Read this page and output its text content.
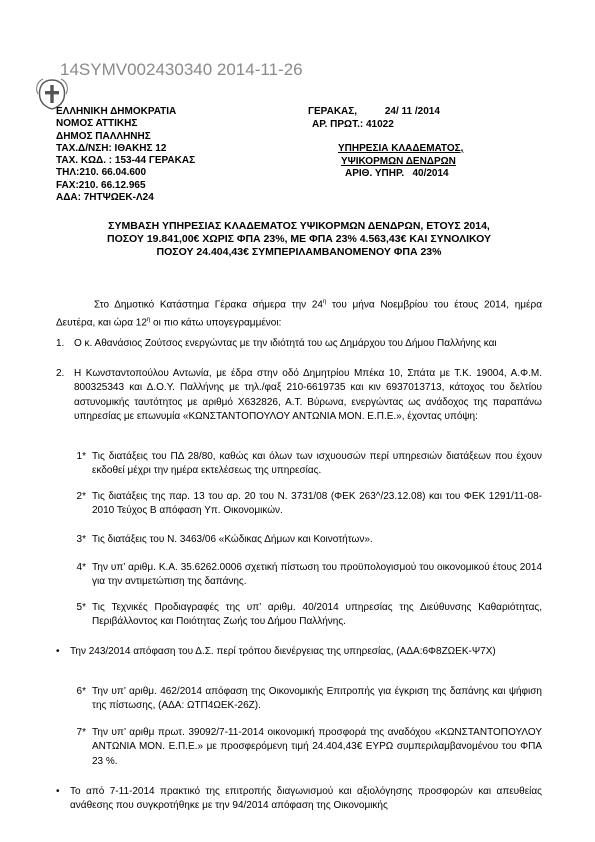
14SYMV002430340 2014-11-26
ΕΛΛΗΝΙΚΗ ΔΗΜΟΚΡΑΤΙΑ
ΝΟΜΟΣ ΑΤΤΙΚΗΣ
ΔΗΜΟΣ ΠΑΛΛΗΝΗΣ
ΤΑΧ.Δ/ΝΣΗ: ΙΘΑΚΗΣ 12
ΤΑΧ. ΚΩΔ. : 153-44 ΓΕΡΑΚΑΣ
ΤΗΛ:210. 66.04.600
FAX:210. 66.12.965
ΑΔΑ: 7ΗΤΨΩΕΚ-Λ24
ΓΕΡΑΚΑΣ,          24/ 11 /2014
ΑΡ. ΠΡΩΤ.: 41022
ΥΠΗΡΕΣΙΑ ΚΛΑΔΕΜΑΤΟΣ,
ΥΨΙΚΟΡΜΩΝ ΔΕΝΔΡΩΝ
ΑΡΙΘ. ΥΠΗΡ.   40/2014
ΣΥΜΒΑΣΗ ΥΠΗΡΕΣΙΑΣ ΚΛΑΔΕΜΑΤΟΣ ΥΨΙΚΟΡΜΩΝ ΔΕΝΔΡΩΝ, ΕΤΟΥΣ 2014,
ΠΟΣΟΥ 19.841,00€ ΧΩΡΙΣ ΦΠΑ 23%, ΜΕ ΦΠΑ 23% 4.563,43€ ΚΑΙ ΣΥΝΟΛΙΚΟΥ
ΠΟΣΟΥ 24.404,43€ ΣΥΜΠΕΡΙΛΑΜΒΑΝΟΜΕΝΟΥ ΦΠΑ 23%
Στο Δημοτικό Κατάστημα Γέρακα σήμερα την $24^\eta$ του μήνα Νοεμβρίου του έτους 2014, ημέρα Δευτέρα, και ώρα $12^\eta$ οι πιο κάτω υπογεγραμμένοι:
1. Ο κ. Αθανάσιος Ζούτσος ενεργώντας με την ιδιότητά του ως Δημάρχου του Δήμου Παλλήνης και
2. Η Κωνσταντοπούλου Αντωνία, με έδρα στην οδό Δημητρίου Μπέκα 10, Σπάτα με Τ.Κ. 19004, Α.Φ.Μ. 800325343 και Δ.Ο.Υ. Παλλήνης με τηλ./φαξ 210-6619735 και κιν 6937013713, κάτοχος του δελτίου αστυνομικής ταυτότητος με αριθμό Χ632826, Α.Τ. Βύρωνα, ενεργώντας ως ανάδοχος της παραπάνω υπηρεσίας με επωνυμία «ΚΩΝΣΤΑΝΤΟΠΟΥΛΟΥ ΑΝΤΩΝΙΑ ΜΟΝ. Ε.Π.Ε.», έχοντας υπόψη:
1* Τις διατάξεις του ΠΔ 28/80, καθώς και όλων των ισχυουσών περί υπηρεσιών διατάξεων που έχουν εκδοθεί μέχρι την ημέρα εκτελέσεως της υπηρεσίας.
2* Τις διατάξεις της παρ. 13 του αρ. 20 του Ν. 3731/08 (ΦΕΚ 263^/23.12.08) και του ΦΕΚ 1291/11-08-2010 Τεύχος Β απόφαση Υπ. Οικονομικών.
3* Τις διατάξεις του Ν. 3463/06 «Κώδικας Δήμων και Κοινοτήτων».
4* Την υπ’ αριθμ. Κ.Α. 35.6262.0006 σχετική πίστωση του προϋπολογισμού του οικονομικού έτους 2014 για την αντιμετώπιση της δαπάνης.
5* Τις Τεχνικές Προδιαγραφές της υπ’ αριθμ. 40/2014 υπηρεσίας της Διεύθυνσης Καθαριότητας, Περιβάλλοντος και Ποιότητας Ζωής του Δήμου Παλλήνης.
• Την 243/2014 απόφαση του Δ.Σ. περί τρόπου διενέργειας της υπηρεσίας, (ΑΔΑ:6Φ8ΖΩΕΚ-Ψ7Χ)
6* Την υπ’ αριθμ. 462/2014 απόφαση της Οικονομικής Επιτροπής για έγκριση της δαπάνης και ψήφιση της πίστωσης, (ΑΔΑ: ΩΤΠ4ΩΕΚ-26Ζ).
7* Την υπ’ αριθμ πρωτ. 39092/7-11-2014 οικονομική προσφορά της αναδόχου «ΚΩΝΣΤΑΝΤΟΠΟΥΛΟΥ ΑΝΤΩΝΙΑ ΜΟΝ. Ε.Π.Ε.» με προσφερόμενη τιμή 24.404,43€ ΕΥΡΩ συμπεριλαμβανομένου του ΦΠΑ 23 %.
• Το από 7-11-2014 πρακτικό της επιτροπής διαγωνισμού και αξιολόγησης προσφορών και απευθείας ανάθεσης που συγκροτήθηκε με την 94/2014 απόφαση της Οικονομικής
